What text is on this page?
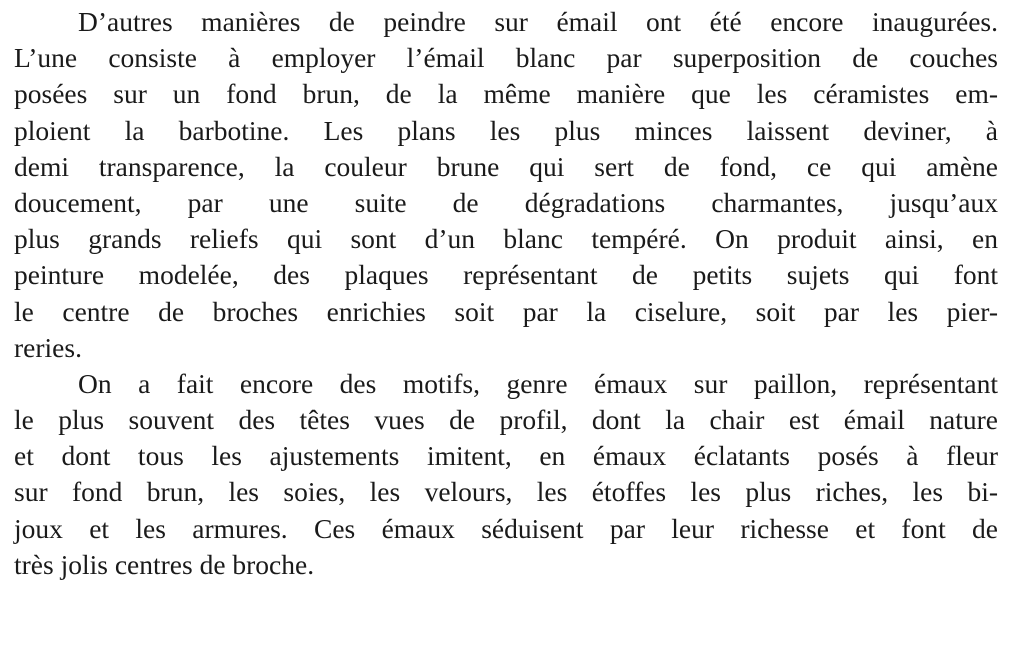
D’autres manières de peindre sur émail ont été encore inaugurées.
L’une consiste à employer l’émail blanc par superposition de couches
posées sur un fond brun, de la même manière que les céramistes em-
ploient la barbotine. Les plans les plus minces laissent deviner, à
demi transparence, la couleur brune qui sert de fond, ce qui amène
doucement, par une suite de dégradations charmantes, jusqu’aux
plus grands reliefs qui sont d’un blanc tempéré. On produit ainsi, en
peinture modelée, des plaques représentant de petits sujets qui font
le centre de broches enrichies soit par la ciselure, soit par les pier-
reries.
On a fait encore des motifs, genre émaux sur paillon, représentant
le plus souvent des têtes vues de profil, dont la chair est émail nature
et dont tous les ajustements imitent, en émaux éclatants posés à fleur
sur fond brun, les soies, les velours, les étoffes les plus riches, les bi-
joux et les armures. Ces émaux séduisent par leur richesse et font de
très jolis centres de broche.
